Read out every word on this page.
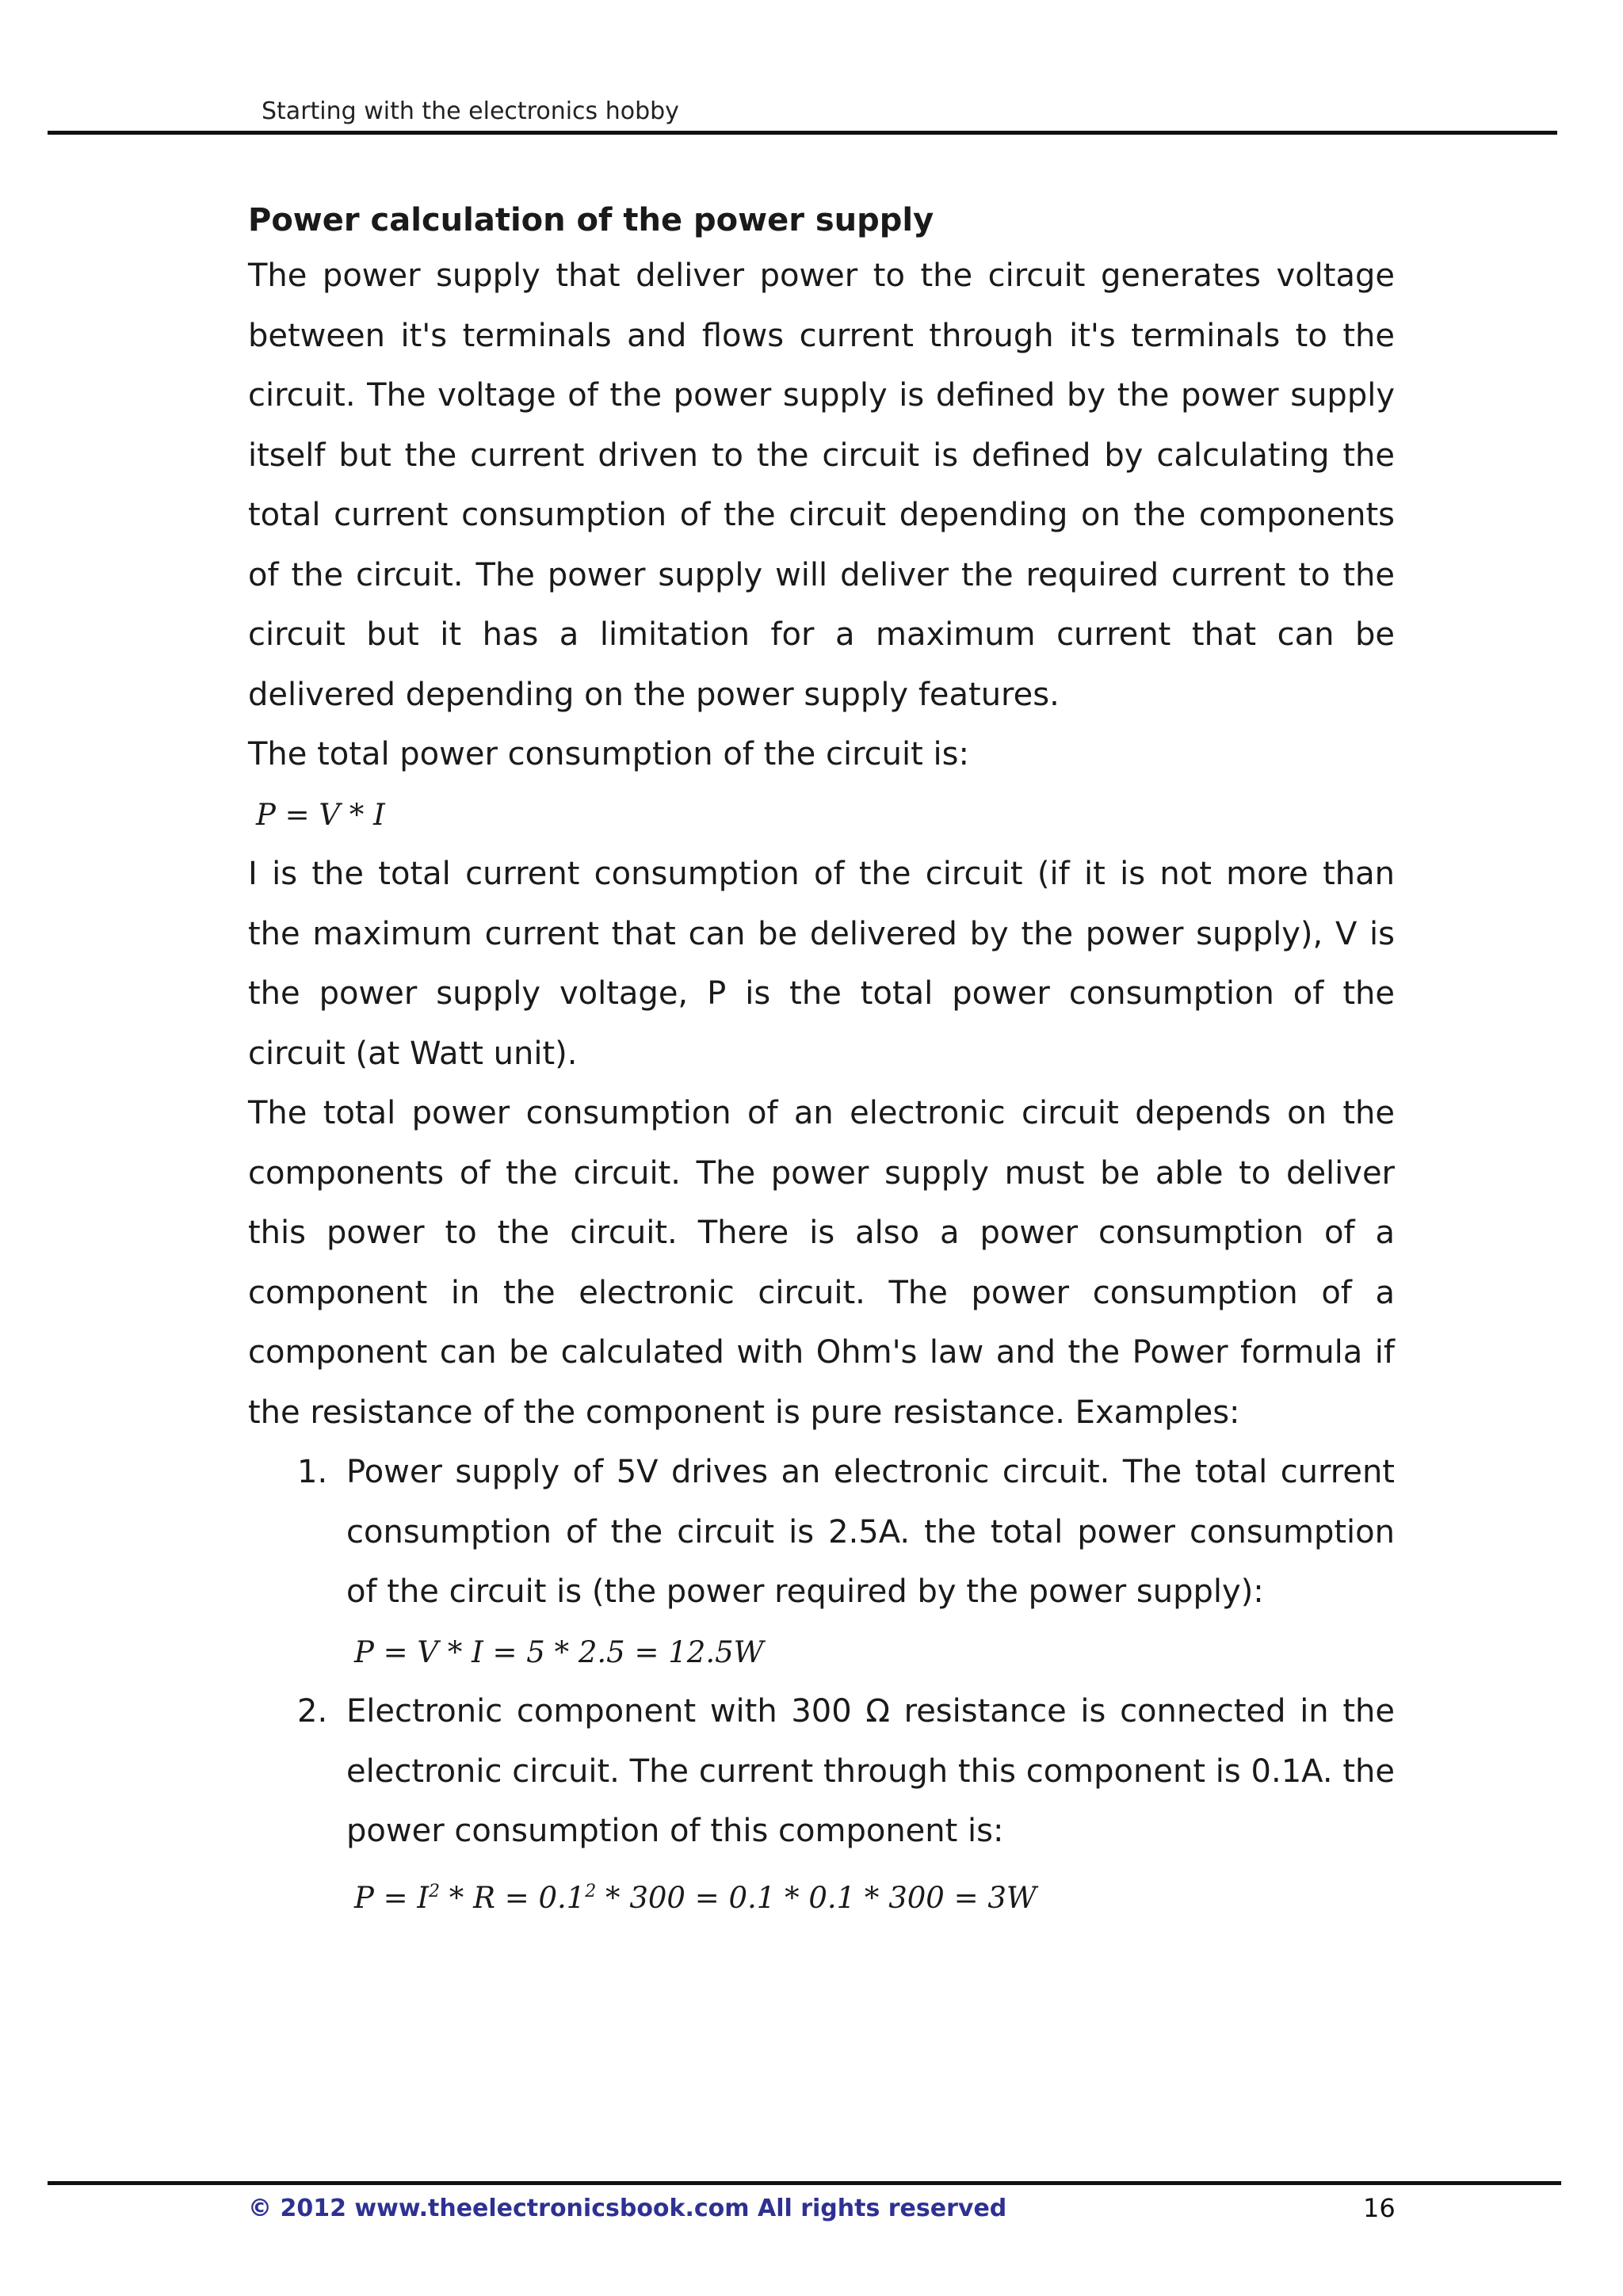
Starting with the electronics hobby
Power calculation of the power supply

The power supply that deliver power to the circuit generates voltage between it's terminals and flows current through it's terminals to the circuit. The voltage of the power supply is defined by the power supply itself but the current driven to the circuit is defined by calculating the total current consumption of the circuit depending on the components of the circuit. The power supply will deliver the required current to the circuit but it has a limitation for a maximum current that can be delivered depending on the power supply features.

The total power consumption of the circuit is:

P = V * I

I is the total current consumption of the circuit (if it is not more than the maximum current that can be delivered by the power supply), V is the power supply voltage, P is the total power consumption of the circuit (at Watt unit).

The total power consumption of an electronic circuit depends on the components of the circuit. The power supply must be able to deliver this power to the circuit. There is also a power consumption of a component in the electronic circuit. The power consumption of a component can be calculated with Ohm's law and the Power formula if the resistance of the component is pure resistance. Examples:

1. Power supply of 5V drives an electronic circuit. The total current consumption of the circuit is 2.5A. the total power consumption of the circuit is (the power required by the power supply):

P = V * I = 5 * 2.5 = 12.5W
2. Electronic component with 300 Ω resistance is connected in the electronic circuit. The current through this component is 0.1A. the power consumption of this component is:

$P = I^2 * R = 0.1^2 * 300 = 0.1 * 0.1 * 300 = 3W$
© 2012 www.theelectronicsbook.com All rights reserved	16
